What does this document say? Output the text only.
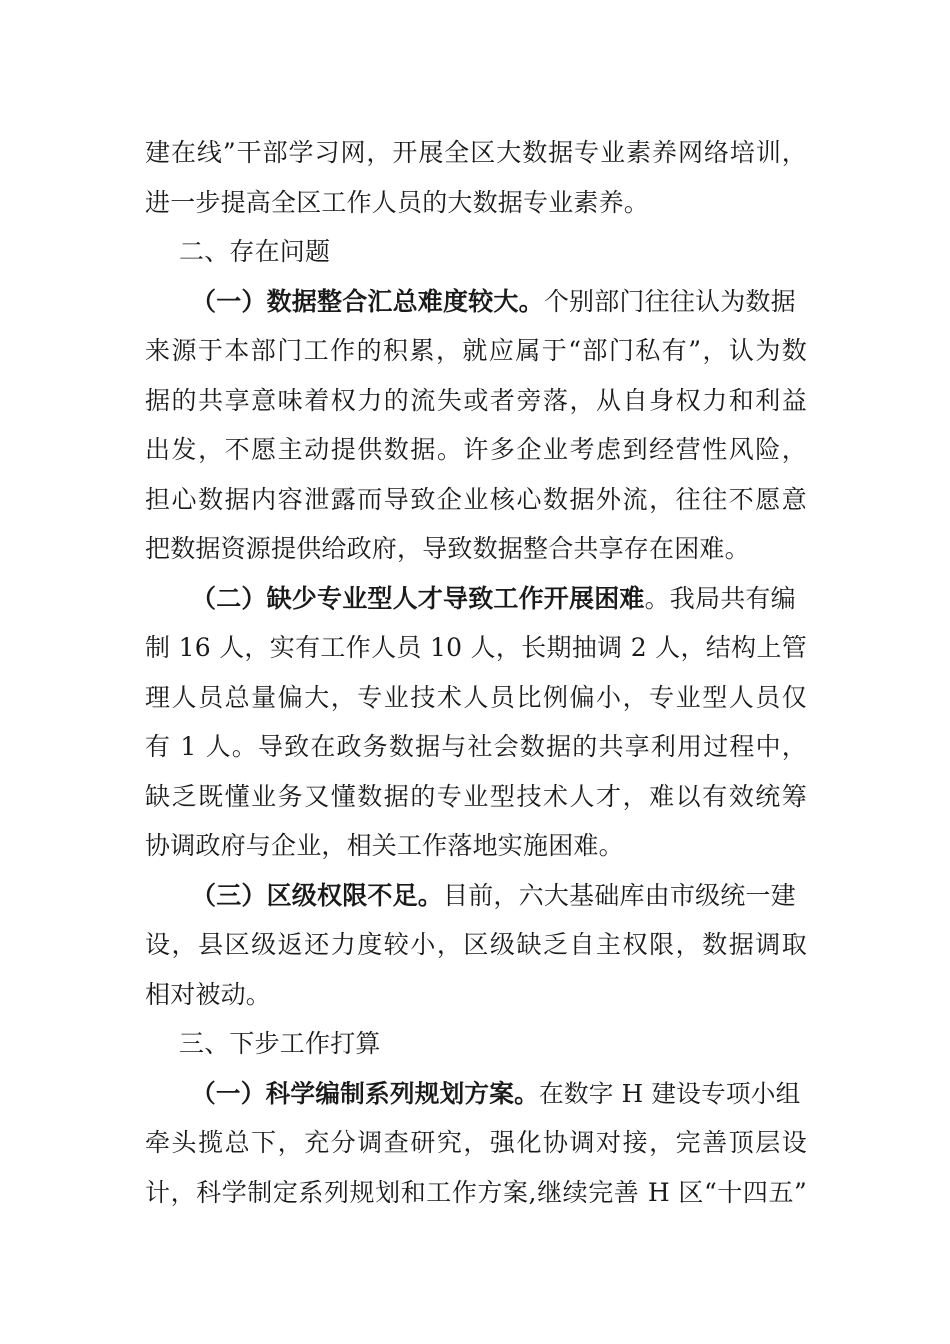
建在线”干部学习网，开展全区大数据专业素养网络培训，
进一步提高全区工作人员的大数据专业素养。
二、存在问题
（一）数据整合汇总难度较大。个别部门往往认为数据
来源于本部门工作的积累，就应属于“部门私有”，认为数
据的共享意味着权力的流失或者旁落，从自身权力和利益
出发，不愿主动提供数据。许多企业考虑到经营性风险，
担心数据内容泄露而导致企业核心数据外流，往往不愿意
把数据资源提供给政府，导致数据整合共享存在困难。
（二）缺少专业型人才导致工作开展困难。我局共有编
制 16 人，实有工作人员 10 人，长期抽调 2 人，结构上管
理人员总量偏大，专业技术人员比例偏小，专业型人员仅
有 1 人。导致在政务数据与社会数据的共享利用过程中，
缺乏既懂业务又懂数据的专业型技术人才，难以有效统筹
协调政府与企业，相关工作落地实施困难。
（三）区级权限不足。目前，六大基础库由市级统一建
设，县区级返还力度较小，区级缺乏自主权限，数据调取
相对被动。
三、下步工作打算
（一）科学编制系列规划方案。在数字 H 建设专项小组
牵头揽总下，充分调查研究，强化协调对接，完善顶层设
计，科学制定系列规划和工作方案,继续完善 H 区“十四五”
